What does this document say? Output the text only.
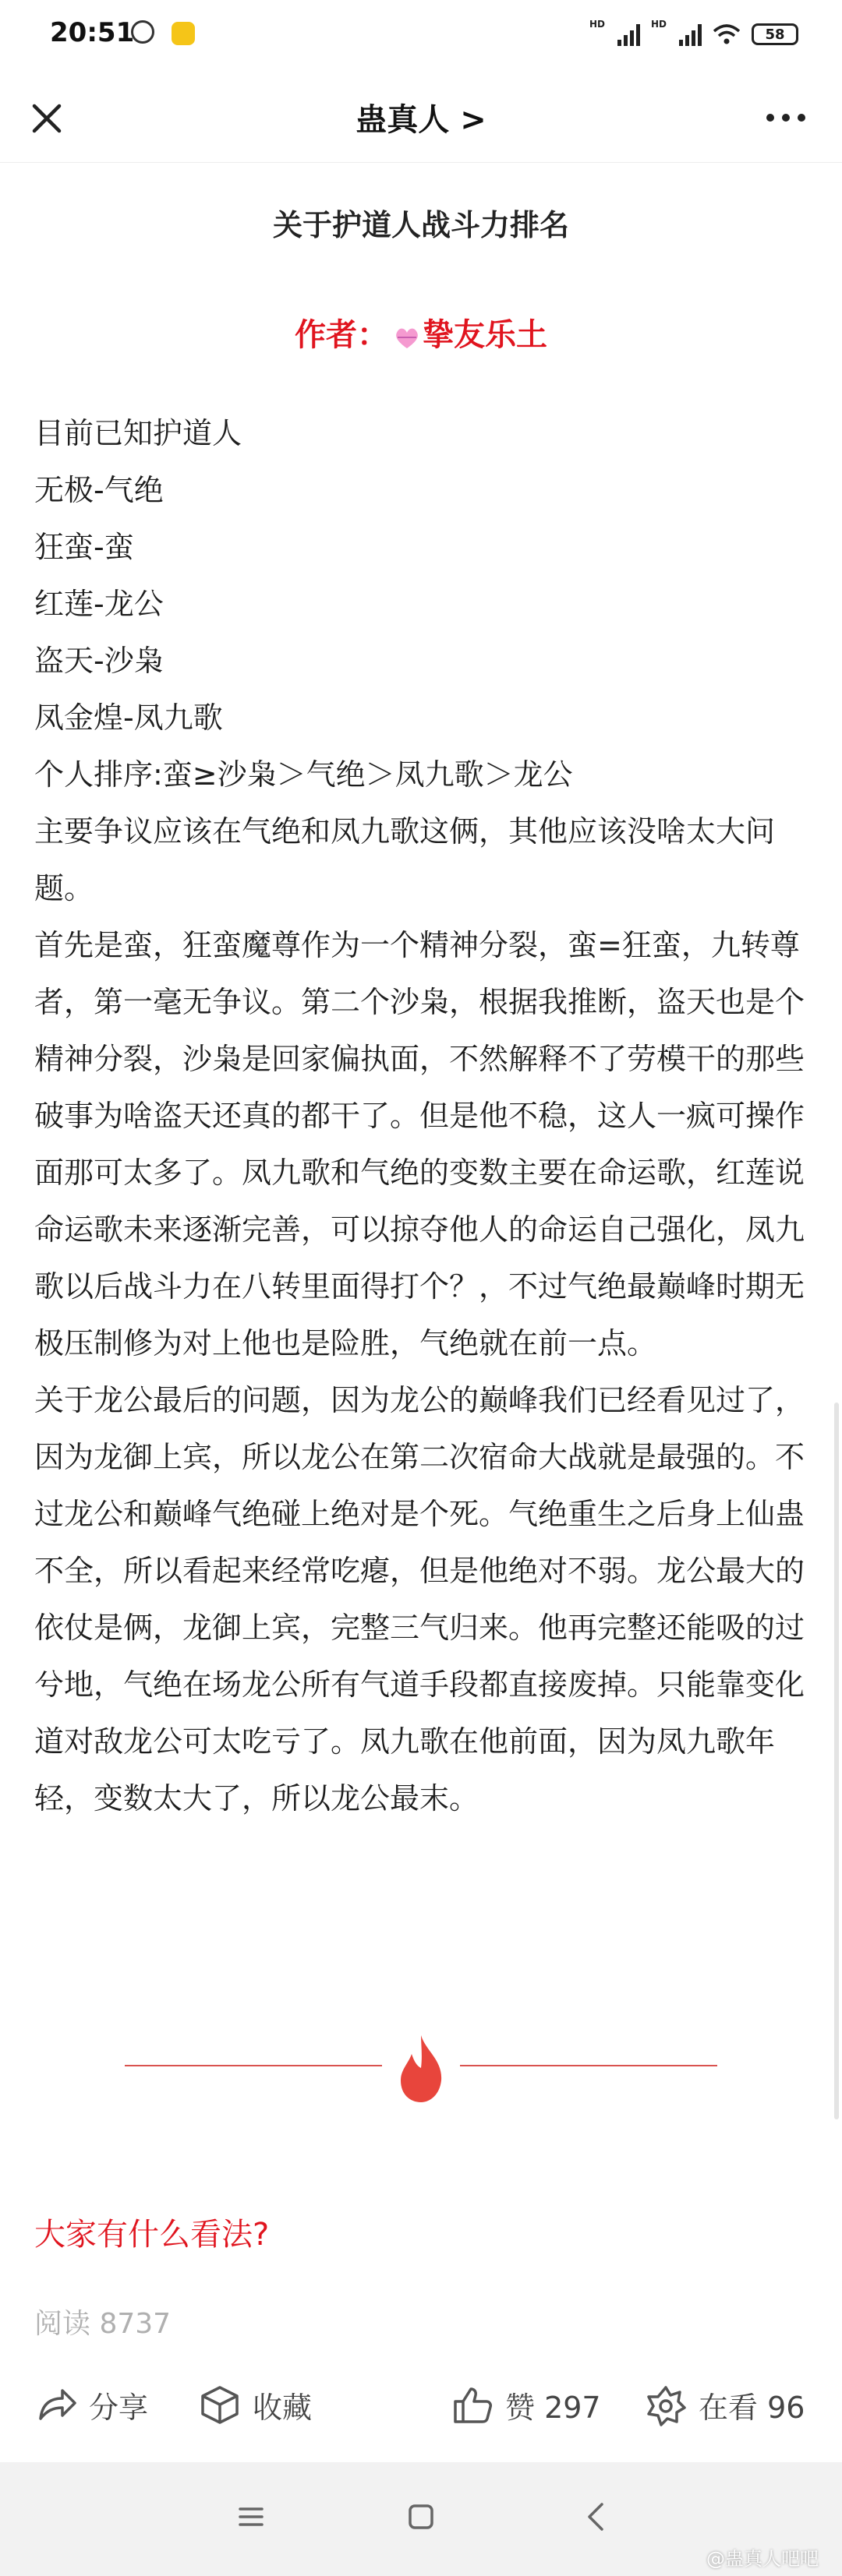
20:51	HD	HD
58
蛊真人 >
关于护道人战斗力排名
作者： 挚友乐土

目前已知护道人

无极-气绝

狂蛮-蛮

红莲-龙公

盗天-沙枭

凤金煌-凤九歌

个人排序:蛮≥沙枭＞气绝＞凤九歌＞龙公

主要争议应该在气绝和凤九歌这俩，其他应该没啥太大问题。

首先是蛮，狂蛮魔尊作为一个精神分裂，蛮=狂蛮，九转尊者，第一毫无争议。第二个沙枭，根据我推断，盗天也是个精神分裂，沙枭是回家偏执面，不然解释不了劳模干的那些破事为啥盗天还真的都干了。但是他不稳，这人一疯可操作面那可太多了。凤九歌和气绝的变数主要在命运歌，红莲说命运歌未来逐渐完善，可以掠夺他人的命运自己强化，凤九歌以后战斗力在八转里面得打个？，不过气绝最巅峰时期无极压制修为对上他也是险胜，气绝就在前一点。

关于龙公最后的问题，因为龙公的巅峰我们已经看见过了，因为龙御上宾，所以龙公在第二次宿命大战就是最强的。不过龙公和巅峰气绝碰上绝对是个死。气绝重生之后身上仙蛊不全，所以看起来经常吃瘪，但是他绝对不弱。龙公最大的依仗是俩，龙御上宾，完整三气归来。他再完整还能吸的过兮地，气绝在场龙公所有气道手段都直接废掉。只能靠变化道对敌龙公可太吃亏了。凤九歌在他前面，因为凤九歌年轻，变数太大了，所以龙公最末。

大家有什么看法?
阅读 8737
分享	收藏	赞 297	在看 96
@蛊真人吧吧
